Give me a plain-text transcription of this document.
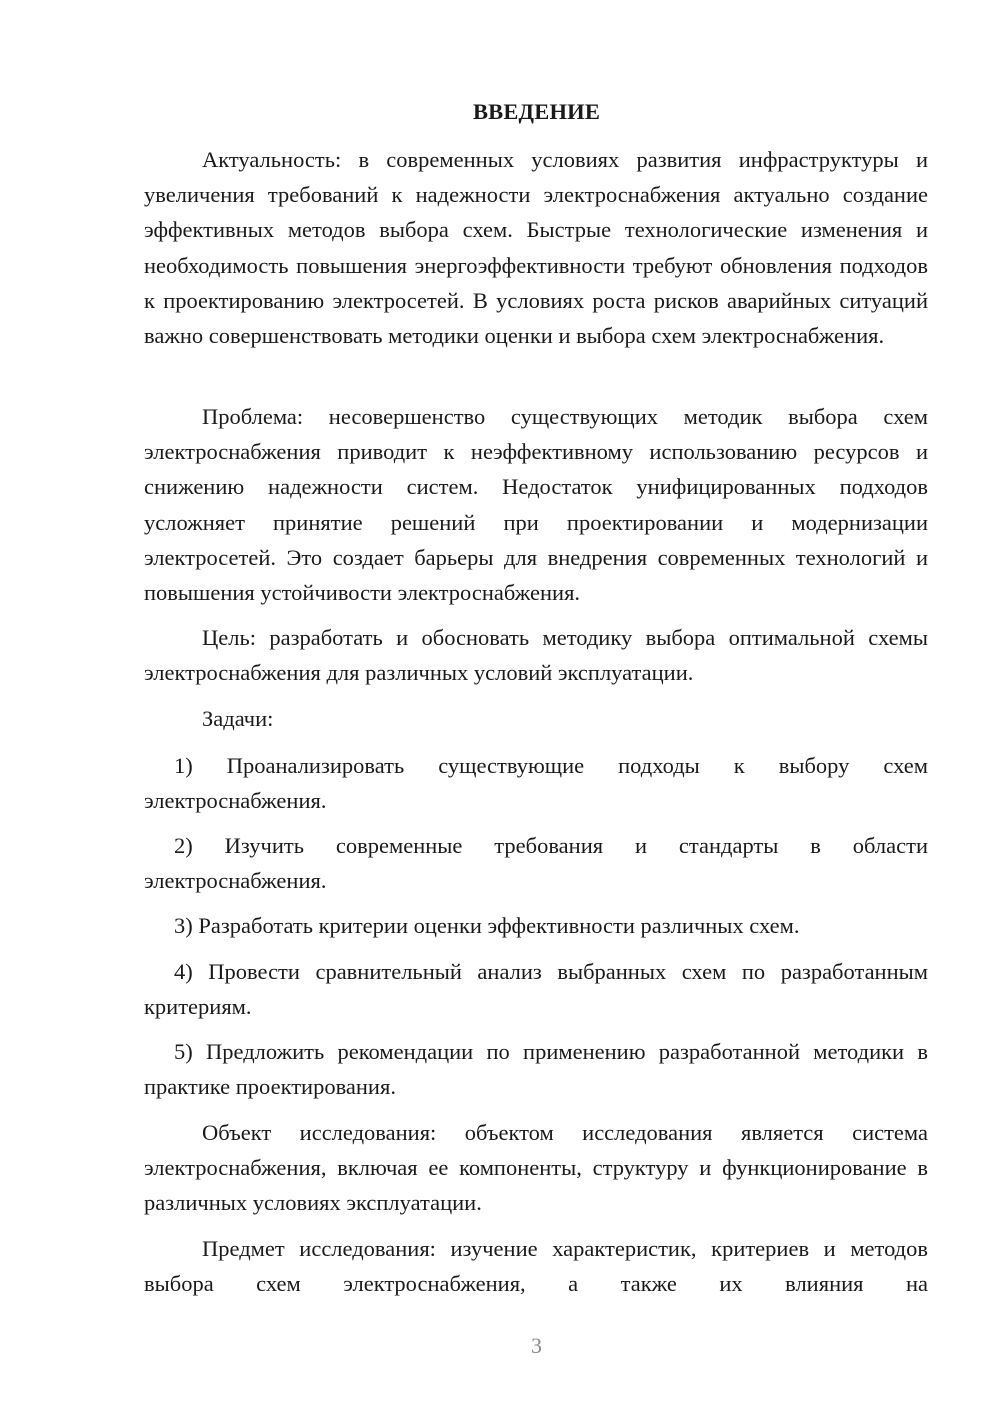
ВВЕДЕНИЕ

Актуальность: в современных условиях развития инфраструктуры и увеличения требований к надежности электроснабжения актуально создание эффективных методов выбора схем. Быстрые технологические изменения и необходимость повышения энергоэффективности требуют обновления подходов к проектированию электросетей. В условиях роста рисков аварийных ситуаций важно совершенствовать методики оценки и выбора схем электроснабжения.

Проблема: несовершенство существующих методик выбора схем электроснабжения приводит к неэффективному использованию ресурсов и снижению надежности систем. Недостаток унифицированных подходов усложняет принятие решений при проектировании и модернизации электросетей. Это создает барьеры для внедрения современных технологий и повышения устойчивости электроснабжения.

Цель: разработать и обосновать методику выбора оптимальной схемы электроснабжения для различных условий эксплуатации.

Задачи:

1) Проанализировать существующие подходы к выбору схем электроснабжения.

2) Изучить современные требования и стандарты в области электроснабжения.

3) Разработать критерии оценки эффективности различных схем.

4) Провести сравнительный анализ выбранных схем по разработанным критериям.

5) Предложить рекомендации по применению разработанной методики в практике проектирования.

Объект исследования: объектом исследования является система электроснабжения, включая ее компоненты, структуру и функционирование в различных условиях эксплуатации.

Предмет исследования: изучение характеристик, критериев и методов выбора схем электроснабжения, а также их влияния на

3
